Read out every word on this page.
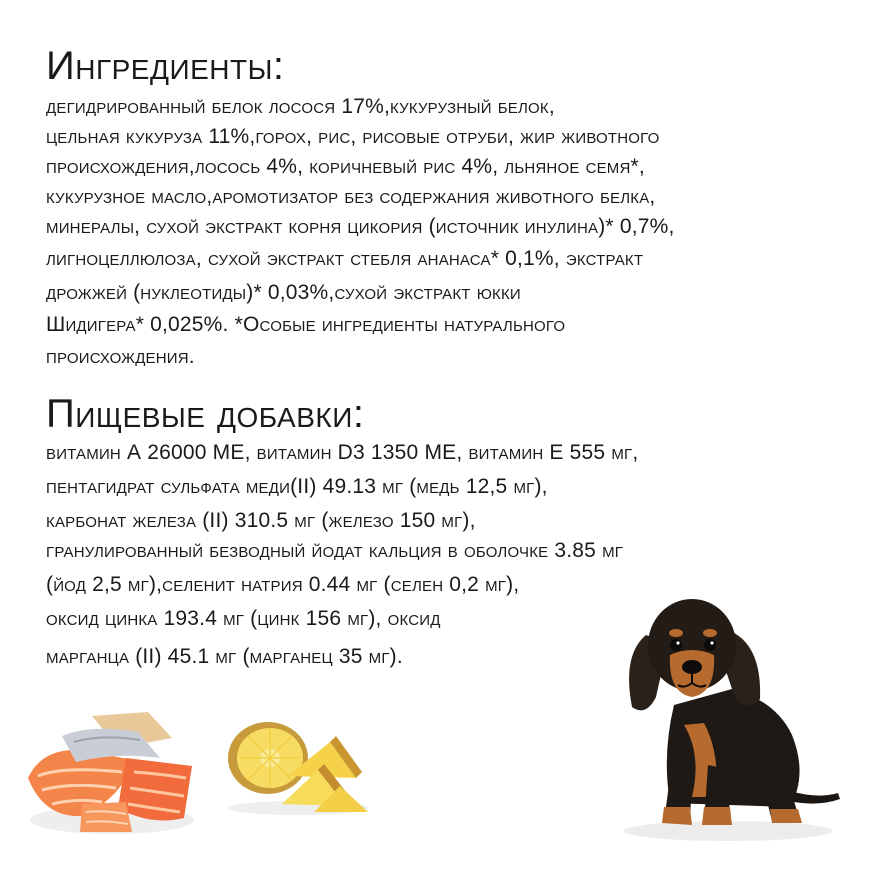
Ингредиенты:
дегидрированный белок лосося 17%,кукурузный белок,
цельная кукуруза 11%,горох, рис, рисовые отруби, жир животного
происхождения,лосось 4%, коричневый рис 4%, льняное семя*,
кукурузное масло,аромотизатор без содержания животного белка,
минералы, сухой экстракт корня цикория (источник инулина)* 0,7%,
лигноцеллюлоза, сухой экстракт стебля ананаса* 0,1%, экстракт
дрожжей (нуклеотиды)* 0,03%,сухой экстракт юкки
Шидигера* 0,025%. *Особые ингредиенты натурального
происхождения.
Пищевые добавки:
витамин А 26000 МЕ, витамин D3 1350 МЕ, витамин Е 555 мг,
пентагидрат сульфата меди(II) 49.13 мг (медь 12,5 мг),
карбонат железа (II) 310.5 мг (железо 150 мг),
гранулированный безводный йодат кальция в оболочке 3.85 мг
(йод 2,5 мг),селенит натрия 0.44 мг (селен 0,2 мг),
оксид цинка 193.4 мг (цинк 156 мг), оксид
марганца (II) 45.1 мг (марганец 35 мг).
